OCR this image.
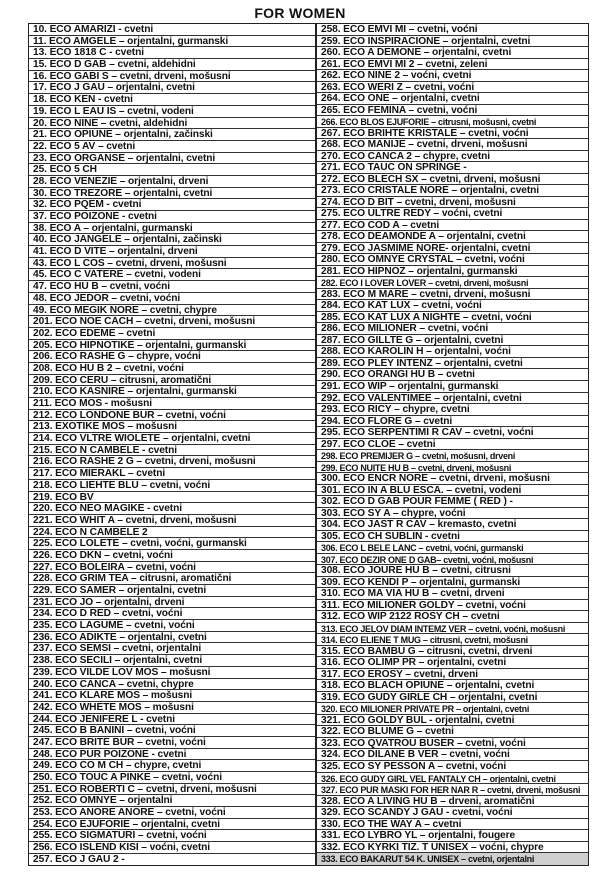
FOR WOMEN
10. ECO AMARIZI - cvetni
11. ECO AMGELE – orjentalni, gurmanski
13. ECO 1818 C - cvetni
15. ECO D GAB – cvetni, aldehidni
16. ECO GABI S – cvetni, drveni, mošusni
17. ECO J GAU – orjentalni, cvetni
18. ECO KEN - cvetni
19. ECO L EAU IS – cvetni, vodeni
20. ECO NINE – cvetni, aldehidni
21. ECO OPIUNE – orjentalni, začinski
22. ECO 5 AV – cvetni
23. ECO ORGANSE – orjentalni, cvetni
25. ECO 5 CH
28. ECO VENEZIE – orjentalni, drveni
30. ECO TREZORE – orjentalni, cvetni
32. ECO PQEM - cvetni
37. ECO POIZONE - cvetni
38. ECO A – orjentalni, gurmanski
40. ECO JANGELE – orjentalni, začinski
41. ECO D VITE – orjentalni, drveni
43. ECO L COS – cvetni, drveni, mošusni
45. ECO C VATERE – cvetni, vodeni
47. ECO HU B – cvetni, voćni
48. ECO JEDOR – cvetni, voćni
49. ECO MEGIK NORE – cvetni, chypre
201. ECO NOE CACH – cvetni, drveni, mošusni
202. ECO EDEME – cvetni
205. ECO HIPNOTIKE – orjentalni, gurmanski
206. ECO RASHE G – chypre, voćni
208. ECO HU B 2 – cvetni, voćni
209. ECO CERU – citrusni, aromatični
210. ECO KASNIRE – orjentalni, gurmanski
211. ECO MOS - mošusni
212. ECO LONDONE BUR – cvetni, voćni
213. EXOTIKE MOS – mošusni
214. ECO VLTRE WIOLETE – orjentalni, cvetni
215. ECO N CAMBELE - cvetni
216. ECO RASHE 2 G – cvetni, drveni, mošusni
217. ECO MIERAKL – cvetni
218. ECO LIEHTE BLU – cvetni, voćni
219. ECO BV
220. ECO NEO MAGIKE - cvetni
221. ECO WHIT A – cvetni, drveni, mošusni
224. ECO N CAMBELE 2
225. ECO LOLETE – cvetni, voćni, gurmanski
226. ECO DKN – cvetni, voćni
227. ECO BOLEIRA – cvetni, voćni
228. ECO GRIM TEA – citrusni, aromatični
229. ECO SAMER – orjentalni, cvetni
231. ECO JO – orjentalni, drveni
234. ECO D RED – cvetni, voćni
235. ECO LAGUME – cvetni, voćni
236. ECO ADIKTE – orjentalni, cvetni
237. ECO SEMSI – cvetni, orjentalni
238. ECO SECILI – orjentalni, cvetni
239. ECO VILDE LOV MOS – mošusni
240. ECO CANCA – cvetni, chypre
241. ECO KLARE MOS – mošusni
242. ECO WHETE MOS – mošusni
244. ECO JENIFERE L - cvetni
245. ECO B BANINI – cvetni, voćni
247. ECO BRITE BUR – cvetni, voćni
248. ECO PUR POIZONE - cvetni
249. ECO CO M CH – chypre, cvetni
250. ECO TOUC A PINKE – cvetni, voćni
251. ECO ROBERTI C – cvetni, drveni, mošusni
252. ECO OMNYE – orjentalni
253. ECO ANORE ANORE – cvetni, voćni
254. ECO EJUFORIE – orjentalni, cvetni
255. ECO SIGMATURI – cvetni, voćni
256. ECO ISLEND KISI – voćni, cvetni
257. ECO J GAU 2 -
258. ECO EMVI MI – cvetni, voćni
259. ECO INSPIRACIONE – orjentalni, cvetni
260. ECO A DEMONE – orjentalni, cvetni
261. ECO EMVI MI 2 – cvetni, zeleni
262. ECO NINE 2 – voćni, cvetni
263. ECO WERI Z – cvetni, voćni
264. ECO ONE – orjentalni, cvetni
265. ECO FEMINA – cvetni, voćni
266. ECO BLOS EJUFORIE – citrusni, mošusni, cvetni
267. ECO BRIHTE KRISTALE – cvetni, voćni
268. ECO MANIJE – cvetni, drveni, mošusni
270. ECO CANCA 2 – chypre, cvetni
271. ECO TAUC ON SPRINGE -
272. ECO BLECH SX – cvetni, drveni, mošusni
273. ECO CRISTALE NORE – orjentalni, cvetni
274. ECO D BIT – cvetni, drveni, mošusni
275. ECO ULTRE REDY – voćni, cvetni
277. ECO COD A – cvetni
278. ECO DEAMONDE A – orjentalni, cvetni
279. ECO JASMIME NORE- orjentalni, cvetni
280. ECO OMNYE CRYSTAL – cvetni, voćni
281. ECO HIPNOZ – orjentalni, gurmanski
282. ECO I LOVER LOVER – cvetni, drveni, mošusni
283. ECO M MARE – cvetni, drveni, mošusni
284. ECO KAT LUX – cvetni, voćni
285. ECO KAT LUX A NIGHTE – cvetni, voćni
286. ECO MILIONER – cvetni, voćni
287. ECO GILLTE G – orjentalni, cvetni
288. ECO KAROLIN H – orjentalni, voćni
289. ECO PLEY INTENZ – orjentalni, cvetni
290. ECO ORANGI HU B – cvetni
291. ECO WIP – orjentalni, gurmanski
292. ECO VALENTIMEE – orjentalni, cvetni
293. ECO RICY – chypre, cvetni
294. ECO FLORE G – cvetni
295. ECO SERPENTIMI R CAV – cvetni, voćni
297. ECO CLOE – cvetni
298. ECO PREMIJER G – cvetni, mošusni, drveni
299. ECO NUITE HU B – cvetni, drveni, mošusni
300. ECO ENCR NORE – cvetni, drveni, mošusni
301. ECO IN A BLU ESCA. – cvetni, vodeni
302. ECO D GAB POUR FEMME ( RED ) -
303. ECO SY A – chypre, voćni
304. ECO JAST R CAV – kremasto, cvetni
305. ECO CH SUBLIN - cvetni
306. ECO L BELE LANC – cvetni, voćni, gurmanski
307. ECO DEZIR ONE D GAB– cvetni, voćni, mošusni
308. ECO JOURE HU B – cvetni, citrusni
309. ECO KENDI P – orjentalni, gurmanski
310. ECO MA VIA HU B – cvetni, drveni
311. ECO MILIONER GOLDY – cvetni, voćni
312. ECO WIP 2122 ROSY CH – cvetni
313. ECO JELOV DIAM INTEMZ VER – cvetni, voćni, mošusni
314. ECO ELIENE T MUG – citrusni, cvetni, mošusni
315. ECO BAMBU G – citrusni, cvetni, drveni
316. ECO OLIMP PR – orjentalni, cvetni
317. ECO EROSY – cvetni, drveni
318. ECO BLACH OPIUNE – orjentalni, cvetni
319. ECO GUDY GIRLE CH – orjentalni, cvetni
320. ECO MILIONER PRIVATE PR – orjentalni, cvetni
321. ECO GOLDY BUL - orjentalni, cvetni
322. ECO BLUME G – cvetni
323. ECO QVATROU BUSER – cvetni, voćni
324. ECO DILANE B VER – cvetni, voćni
325. ECO SY PESSON A – cvetni, voćni
326. ECO GUDY GIRL VEL FANTALY CH – orjentalni, cvetni
327. ECO PUR MASKI FOR HER NAR R – cvetni, drveni, mošusni
328. ECO A LIVING HU B – drveni, aromatični
329. ECO SCANDY J GAU - cvetni, voćni
330. ECO THE WAY A – cvetni
331. ECO LYBRO YL – orjentalni, fougere
332. ECO KYRKI TIZ. T UNISEX – voćni, chypre
333. ECO BAKARUT 54 K. UNISEX – cvetni, orjentalni
